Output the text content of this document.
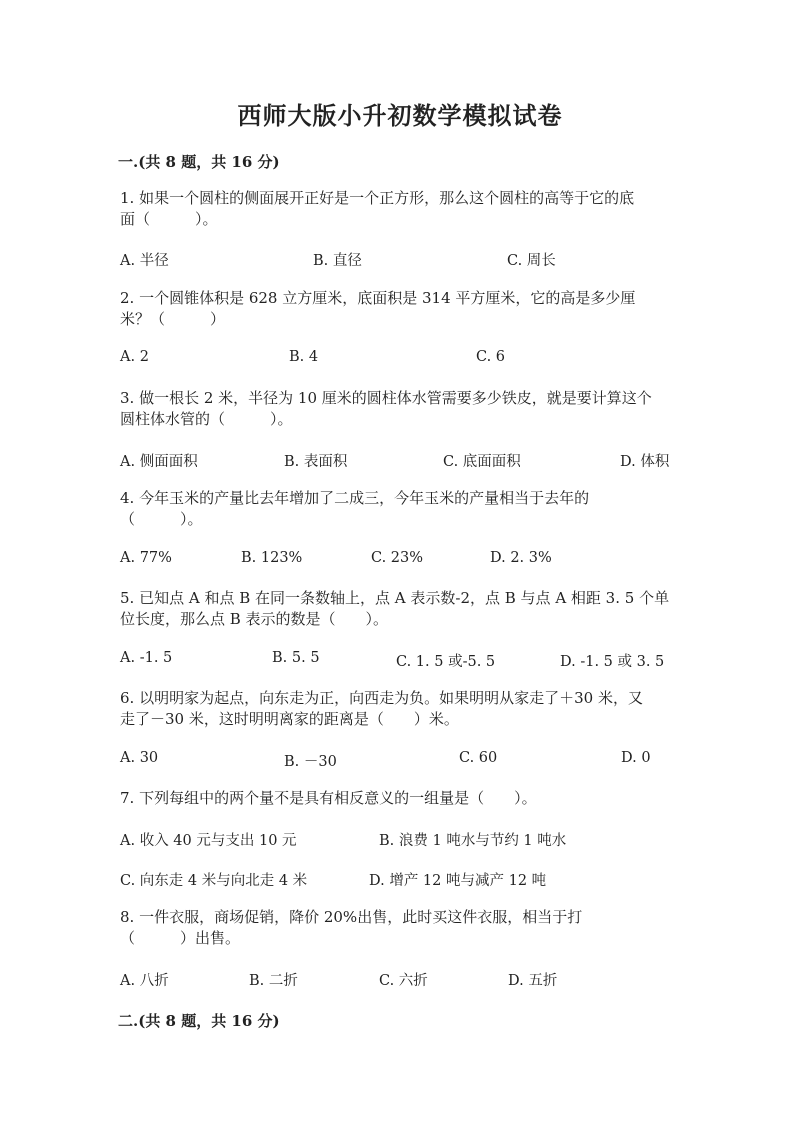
西师大版小升初数学模拟试卷
一.(共 8 题，共 16 分)
1. 如果一个圆柱的侧面展开正好是一个正方形，那么这个圆柱的高等于它的底
面（　　　）。
A. 半径	B. 直径	C. 周长
2. 一个圆锥体积是 628 立方厘米，底面积是 314 平方厘米，它的高是多少厘
米？（　　　）
A. 2	B. 4	C. 6
3. 做一根长 2 米，半径为 10 厘米的圆柱体水管需要多少铁皮，就是要计算这个
圆柱体水管的（　　　）。
A. 侧面面积	B. 表面积	C. 底面面积	D. 体积
4. 今年玉米的产量比去年增加了二成三，今年玉米的产量相当于去年的
（　　　）。
A. 77%	B. 123%	C. 23%	D. 2. 3%
5. 已知点 A 和点 B 在同一条数轴上，点 A 表示数-2，点 B 与点 A 相距 3. 5 个单
位长度，那么点 B 表示的数是（　　）。
A. -1. 5	B. 5. 5	C. 1. 5 或-5. 5	D. -1. 5 或 3. 5
6. 以明明家为起点，向东走为正，向西走为负。如果明明从家走了＋30 米，又
走了－30 米，这时明明离家的距离是（　　）米。
A. 30	B. －30	C. 60	D. 0
7. 下列每组中的两个量不是具有相反意义的一组量是（　　）。
A. 收入 40 元与支出 10 元	B. 浪费 1 吨水与节约 1 吨水
C. 向东走 4 米与向北走 4 米	D. 增产 12 吨与减产 12 吨
8. 一件衣服，商场促销，降价 20%出售，此时买这件衣服，相当于打
（　　　）出售。
A. 八折	B. 二折	C. 六折	D. 五折
二.(共 8 题，共 16 分)
